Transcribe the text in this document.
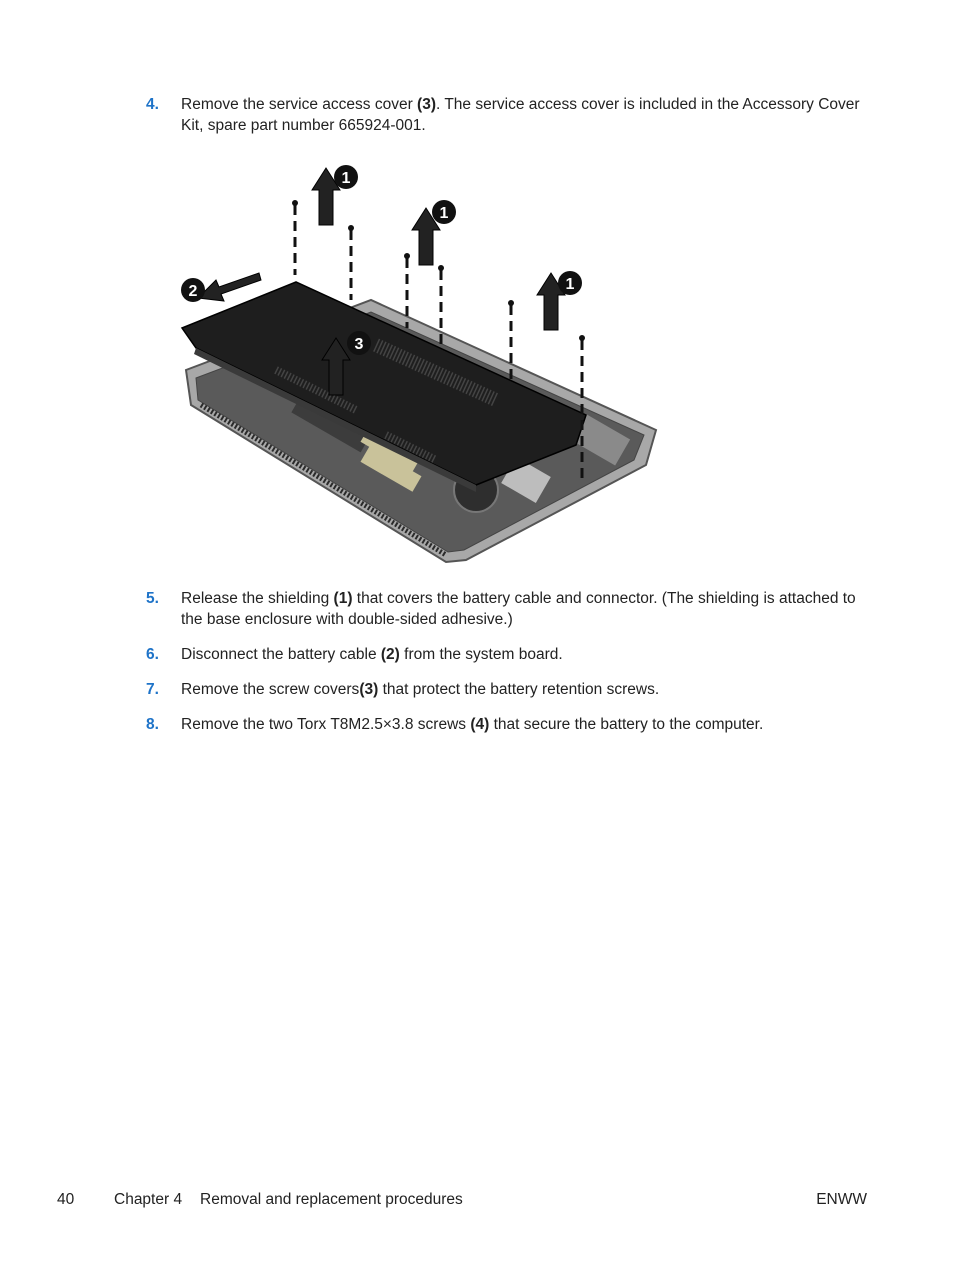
4.	Remove the service access cover (3). The service access cover is included in the Accessory Cover Kit, spare part number 665924-001.
1
1
1
2
3
5.	Release the shielding (1) that covers the battery cable and connector. (The shielding is attached to the base enclosure with double-sided adhesive.)
6.	Disconnect the battery cable (2) from the system board.
7.	Remove the screw covers(3) that protect the battery retention screws.
8.	Remove the two Torx T8M2.5×3.8 screws (4) that secure the battery to the computer.
40	Chapter 4 Removal and replacement procedures	ENWW
